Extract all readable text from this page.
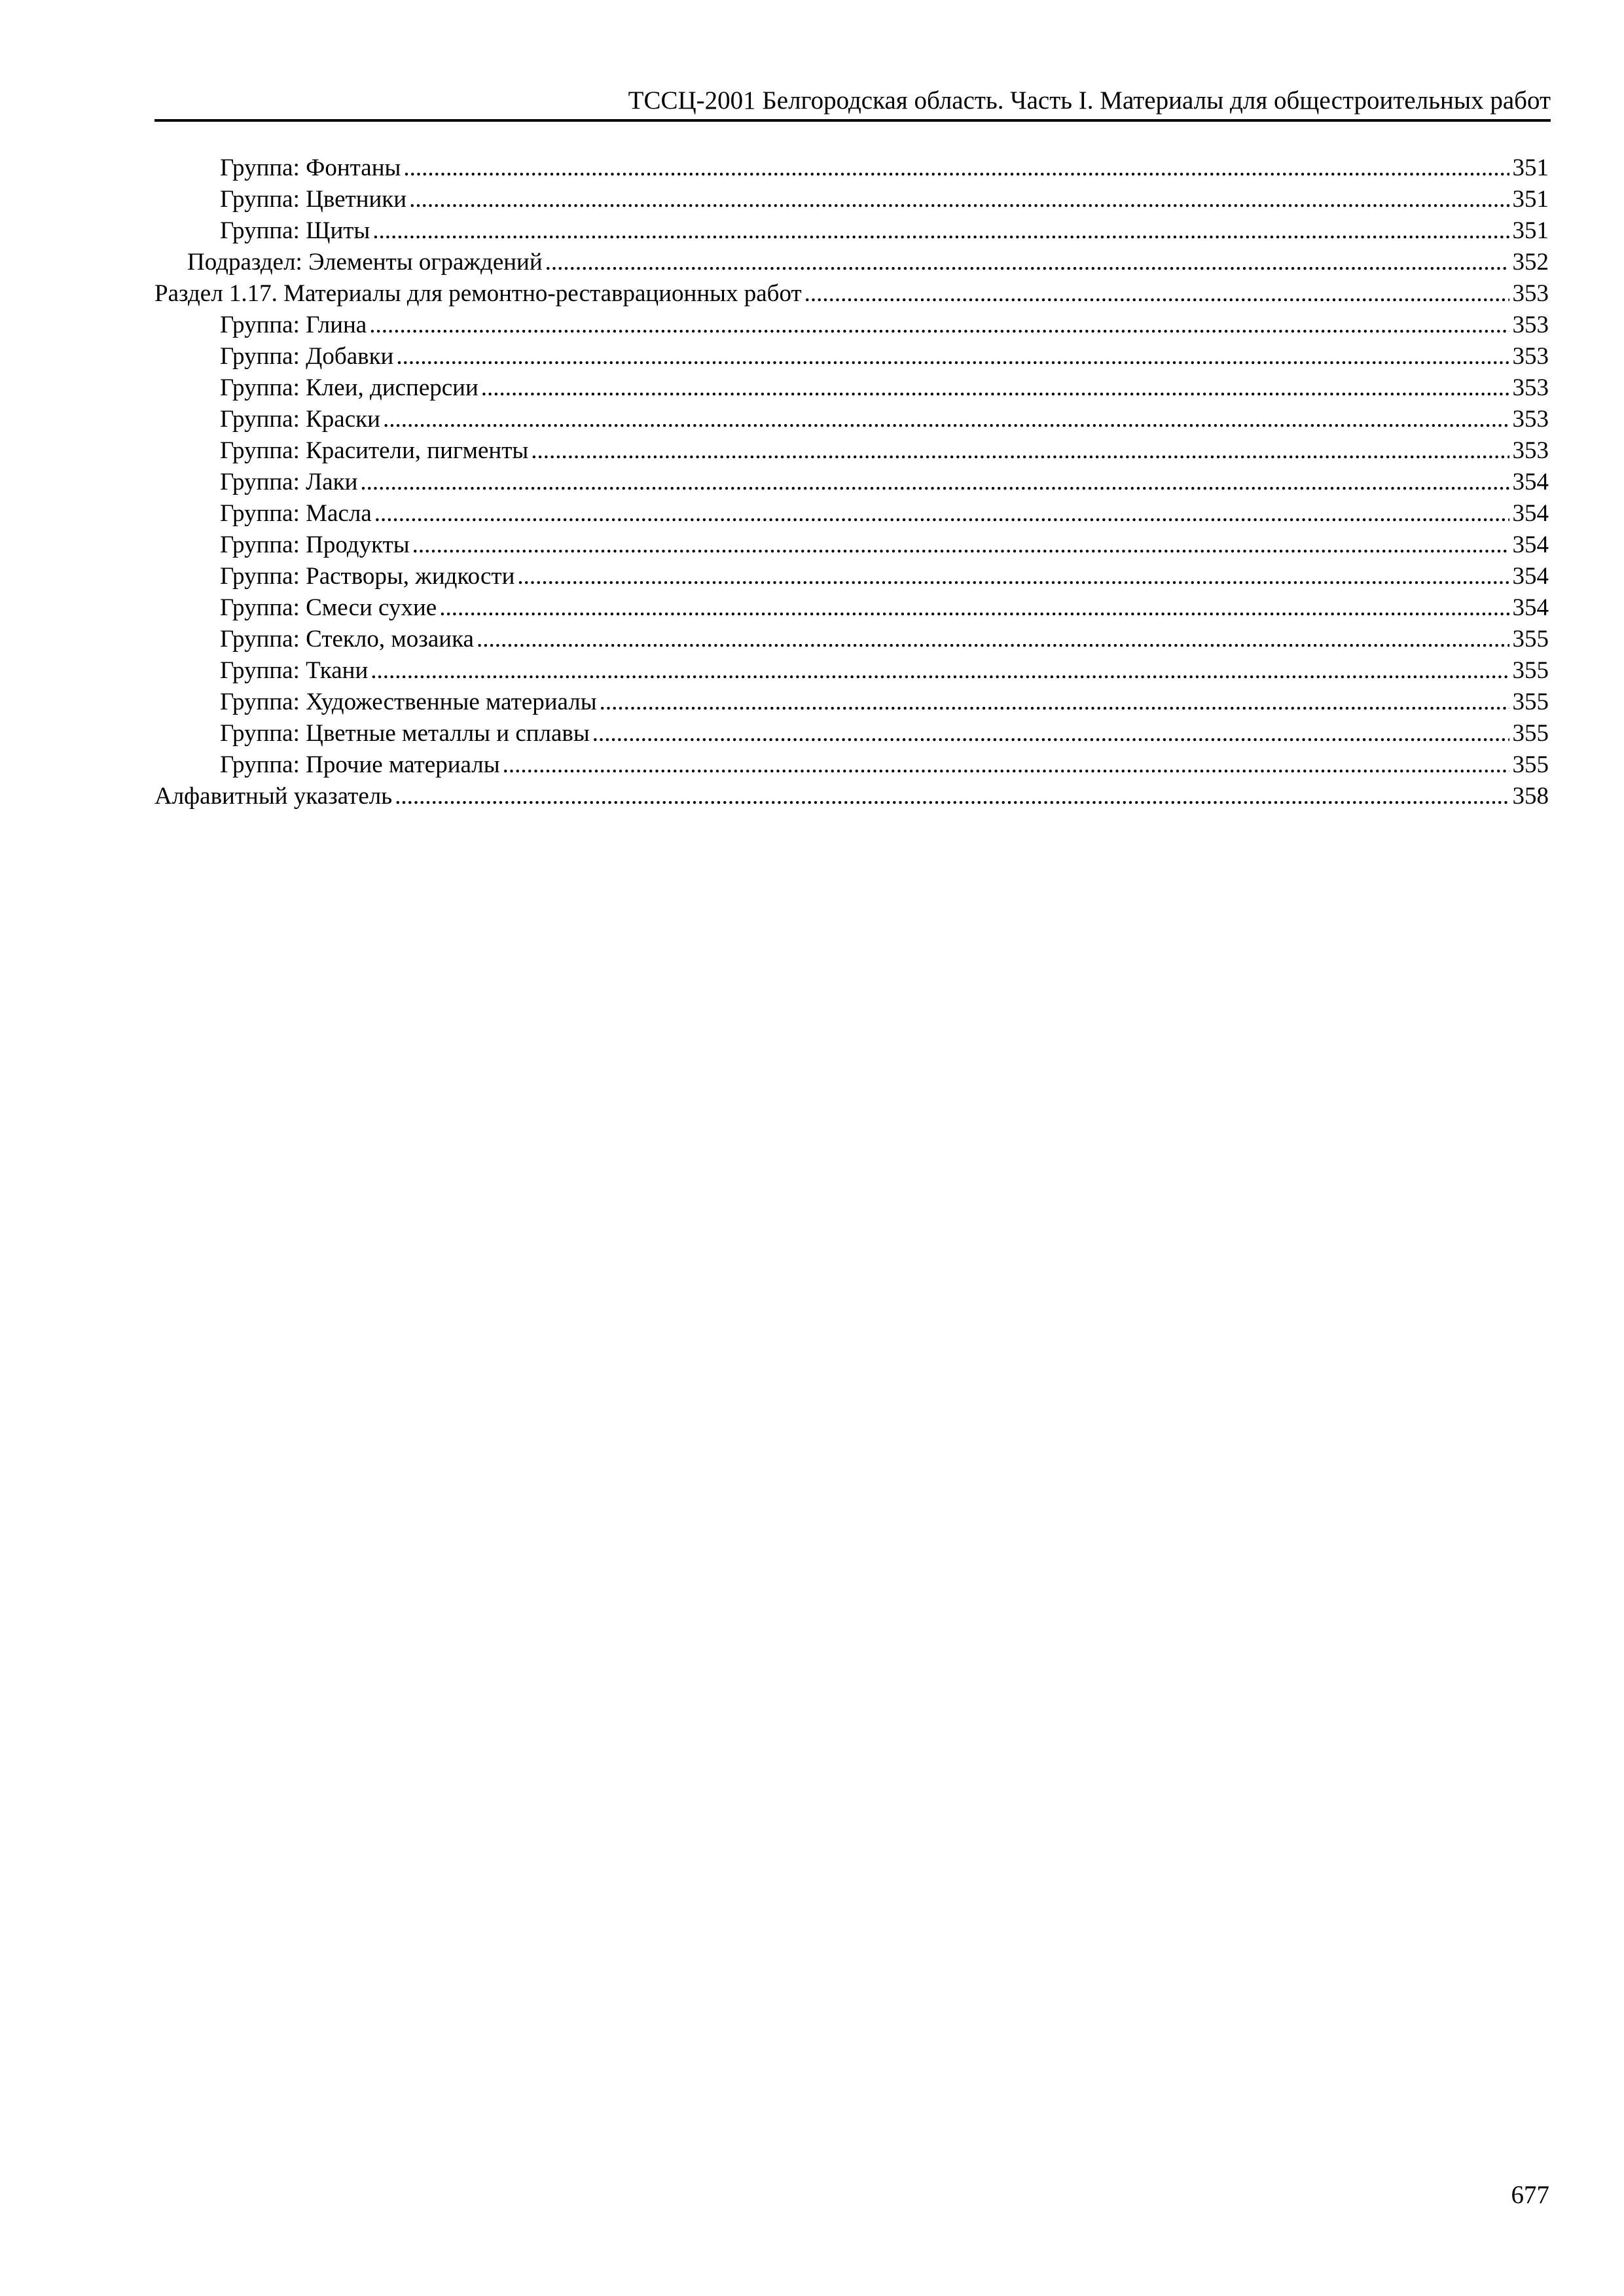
ТССЦ-2001 Белгородская область. Часть I. Материалы для общестроительных работ
Группа: Фонтаны .....	351
Группа: Цветники .....	351
Группа: Щиты .....	351
Подраздел: Элементы ограждений .....	352
Раздел 1.17. Материалы для ремонтно-реставрационных работ .....	353
Группа: Глина .....	353
Группа: Добавки .....	353
Группа: Клеи, дисперсии .....	353
Группа: Краски .....	353
Группа: Красители, пигменты .....	353
Группа: Лаки .....	354
Группа: Масла .....	354
Группа: Продукты .....	354
Группа: Растворы, жидкости .....	354
Группа: Смеси сухие .....	354
Группа: Стекло, мозаика .....	355
Группа: Ткани .....	355
Группа: Художественные материалы .....	355
Группа: Цветные металлы и сплавы .....	355
Группа: Прочие материалы .....	355
Алфавитный указатель .....	358
677
